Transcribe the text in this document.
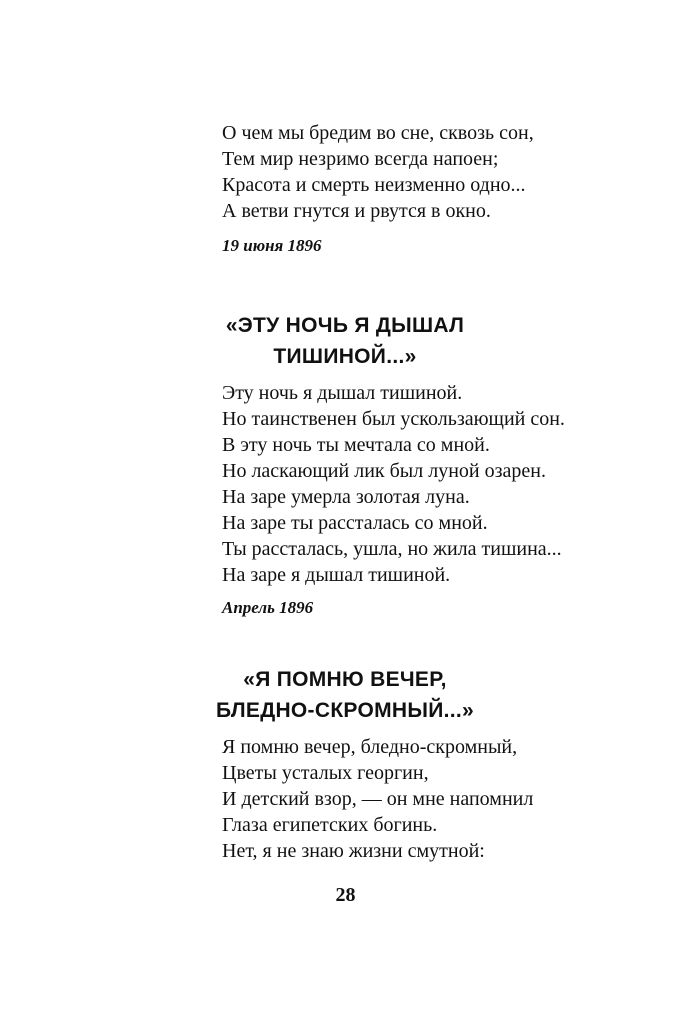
О чем мы бредим во сне, сквозь сон,
Тем мир незримо всегда напоен;
Красота и смерть неизменно одно...
А ветви гнутся и рвутся в окно.
19 июня 1896
«ЭТУ НОЧЬ Я ДЫШАЛ
ТИШИНОЙ...»
Эту ночь я дышал тишиной.
Но таинственен был ускользающий сон.
В эту ночь ты мечтала со мной.
Но ласкающий лик был луной озарен.
На заре умерла золотая луна.
На заре ты рассталась со мной.
Ты рассталась, ушла, но жила тишина...
На заре я дышал тишиной.
Апрель 1896
«Я ПОМНЮ ВЕЧЕР,
БЛЕДНО-СКРОМНЫЙ...»
Я помню вечер, бледно-скромный,
Цветы усталых георгин,
И детский взор, — он мне напомнил
Глаза египетских богинь.
Нет, я не знаю жизни смутной:
28
